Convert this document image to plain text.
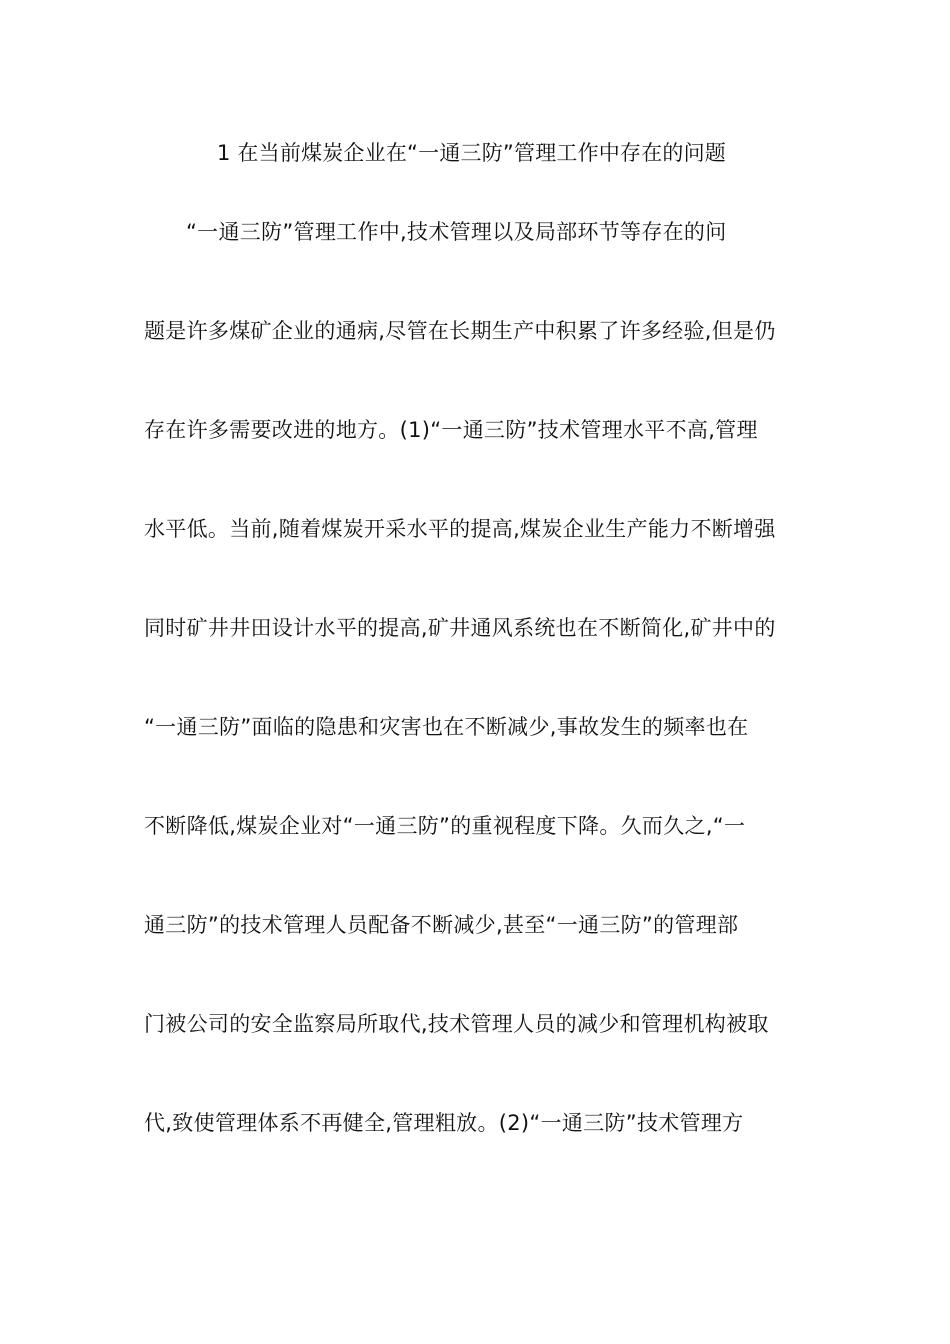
1 在当前煤炭企业在“一通三防”管理工作中存在的问题
“一通三防”管理工作中,技术管理以及局部环节等存在的问
题是许多煤矿企业的通病,尽管在长期生产中积累了许多经验,但是仍
存在许多需要改进的地方。(1)“一通三防”技术管理水平不高,管理
水平低。当前,随着煤炭开采水平的提高,煤炭企业生产能力不断增强
同时矿井井田设计水平的提高,矿井通风系统也在不断简化,矿井中的
“一通三防”面临的隐患和灾害也在不断减少,事故发生的频率也在
不断降低,煤炭企业对“一通三防”的重视程度下降。久而久之,“一
通三防”的技术管理人员配备不断减少,甚至“一通三防”的管理部
门被公司的安全监察局所取代,技术管理人员的减少和管理机构被取
代,致使管理体系不再健全,管理粗放。(2)“一通三防”技术管理方
